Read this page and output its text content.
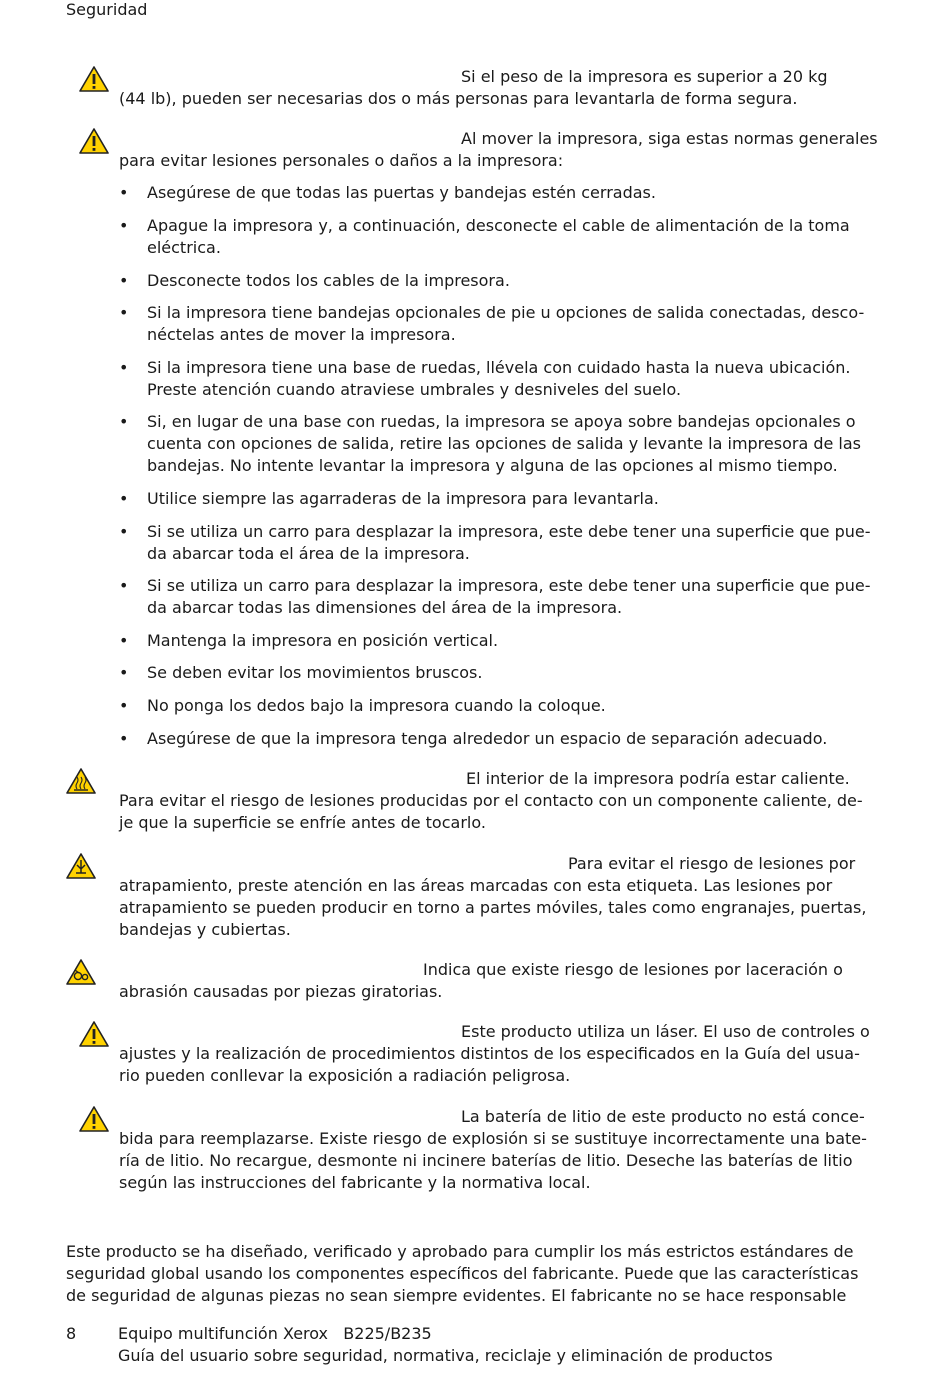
Seguridad
Si el peso de la impresora es superior a 20 kg
(44 lb), pueden ser necesarias dos o más personas para levantarla de forma segura.
Al mover la impresora, siga estas normas generales
para evitar lesiones personales o daños a la impresora:
• Asegúrese de que todas las puertas y bandejas estén cerradas.
• Apague la impresora y, a continuación, desconecte el cable de alimentación de la toma eléctrica.
• Desconecte todos los cables de la impresora.
• Si la impresora tiene bandejas opcionales de pie u opciones de salida conectadas, desco-néctelas antes de mover la impresora.
• Si la impresora tiene una base de ruedas, llévela con cuidado hasta la nueva ubicación. Preste atención cuando atraviese umbrales y desniveles del suelo.
• Si, en lugar de una base con ruedas, la impresora se apoya sobre bandejas opcionales o cuenta con opciones de salida, retire las opciones de salida y levante la impresora de las bandejas. No intente levantar la impresora y alguna de las opciones al mismo tiempo.
• Utilice siempre las agarraderas de la impresora para levantarla.
• Si se utiliza un carro para desplazar la impresora, este debe tener una superficie que pue-da abarcar toda el área de la impresora.
• Si se utiliza un carro para desplazar la impresora, este debe tener una superficie que pue-da abarcar todas las dimensiones del área de la impresora.
• Mantenga la impresora en posición vertical.
• Se deben evitar los movimientos bruscos.
• No ponga los dedos bajo la impresora cuando la coloque.
• Asegúrese de que la impresora tenga alrededor un espacio de separación adecuado.
El interior de la impresora podría estar caliente.
Para evitar el riesgo de lesiones producidas por el contacto con un componente caliente, de-
je que la superficie se enfríe antes de tocarlo.
Para evitar el riesgo de lesiones por
atrapamiento, preste atención en las áreas marcadas con esta etiqueta. Las lesiones por
atrapamiento se pueden producir en torno a partes móviles, tales como engranajes, puertas,
bandejas y cubiertas.
Indica que existe riesgo de lesiones por laceración o
abrasión causadas por piezas giratorias.
Este producto utiliza un láser. El uso de controles o
ajustes y la realización de procedimientos distintos de los especificados en la Guía del usua-
rio pueden conllevar la exposición a radiación peligrosa.
La batería de litio de este producto no está conce-
bida para reemplazarse. Existe riesgo de explosión si se sustituye incorrectamente una bate-
ría de litio. No recargue, desmonte ni incinere baterías de litio. Deseche las baterías de litio
según las instrucciones del fabricante y la normativa local.
Este producto se ha diseñado, verificado y aprobado para cumplir los más estrictos estándares de
seguridad global usando los componentes específicos del fabricante. Puede que las características
de seguridad de algunas piezas no sean siempre evidentes. El fabricante no se hace responsable
8	Equipo multifunción Xerox   B225/B235
Guía del usuario sobre seguridad, normativa, reciclaje y eliminación de productos
